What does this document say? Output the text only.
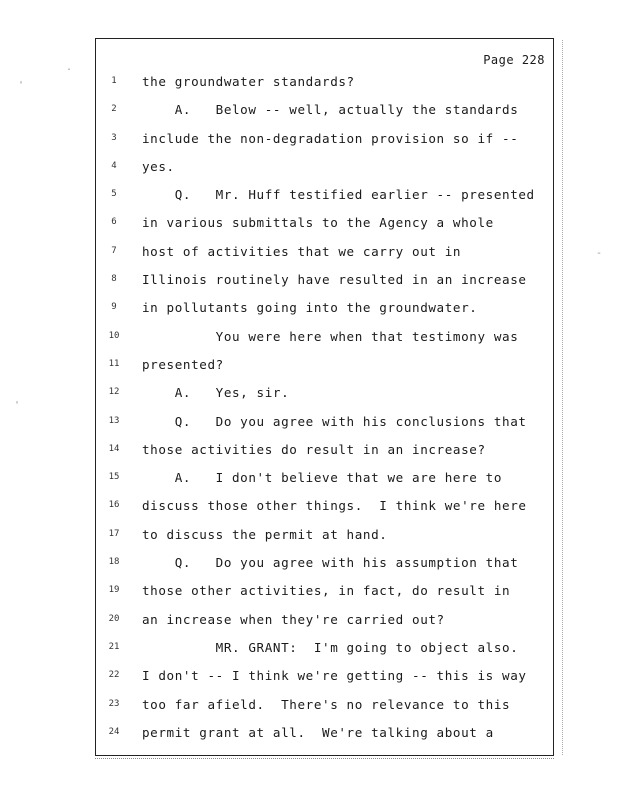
Page 228
1	the groundwater standards?
2	A.   Below -- well, actually the standards
3	include the non-degradation provision so if --
4	yes.
5	Q.   Mr. Huff testified earlier -- presented
6	in various submittals to the Agency a whole
7	host of activities that we carry out in
8	Illinois routinely have resulted in an increase
9	in pollutants going into the groundwater.
10	You were here when that testimony was
11	presented?
12	A.   Yes, sir.
13	Q.   Do you agree with his conclusions that
14	those activities do result in an increase?
15	A.   I don't believe that we are here to
16	discuss those other things.  I think we're here
17	to discuss the permit at hand.
18	Q.   Do you agree with his assumption that
19	those other activities, in fact, do result in
20	an increase when they're carried out?
21	MR. GRANT:  I'm going to object also.
22	I don't -- I think we're getting -- this is way
23	too far afield.  There's no relevance to this
24	permit grant at all.  We're talking about a
'
'
.
-
